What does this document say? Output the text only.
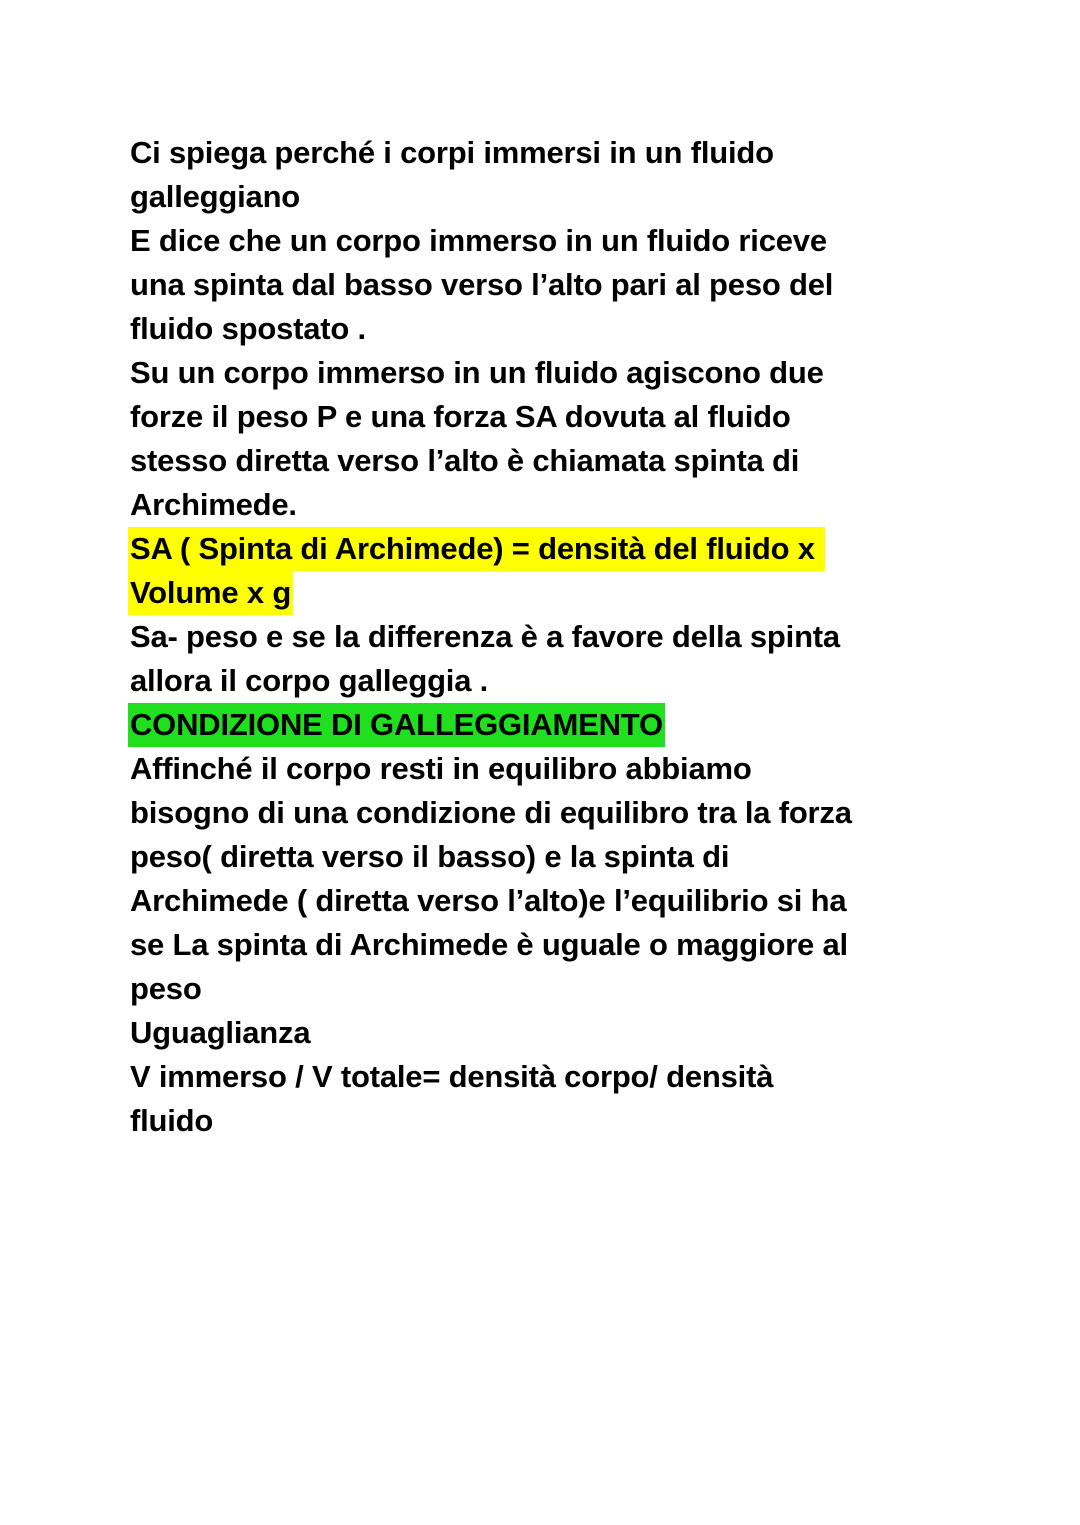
Ci spiega perché i corpi immersi in un fluido
galleggiano
E dice che un corpo immerso in un fluido riceve
una spinta dal basso verso l’alto pari al peso del
fluido spostato .
Su un corpo immerso in un fluido agiscono due
forze il peso P e una forza SA dovuta al fluido
stesso diretta verso l’alto è chiamata spinta di
Archimede.
SA ( Spinta di Archimede) = densità del fluido x
Volume x g
Sa- peso e se la differenza è a favore della spinta
allora il corpo galleggia .
CONDIZIONE DI GALLEGGIAMENTO
Affinché il corpo resti in equilibro abbiamo
bisogno di una condizione di equilibro tra la forza
peso( diretta verso il basso) e la spinta di
Archimede ( diretta verso l’alto)e l’equilibrio si ha
se La spinta di Archimede è uguale o maggiore al
peso
Uguaglianza
V immerso / V totale= densità corpo/ densità
fluido
